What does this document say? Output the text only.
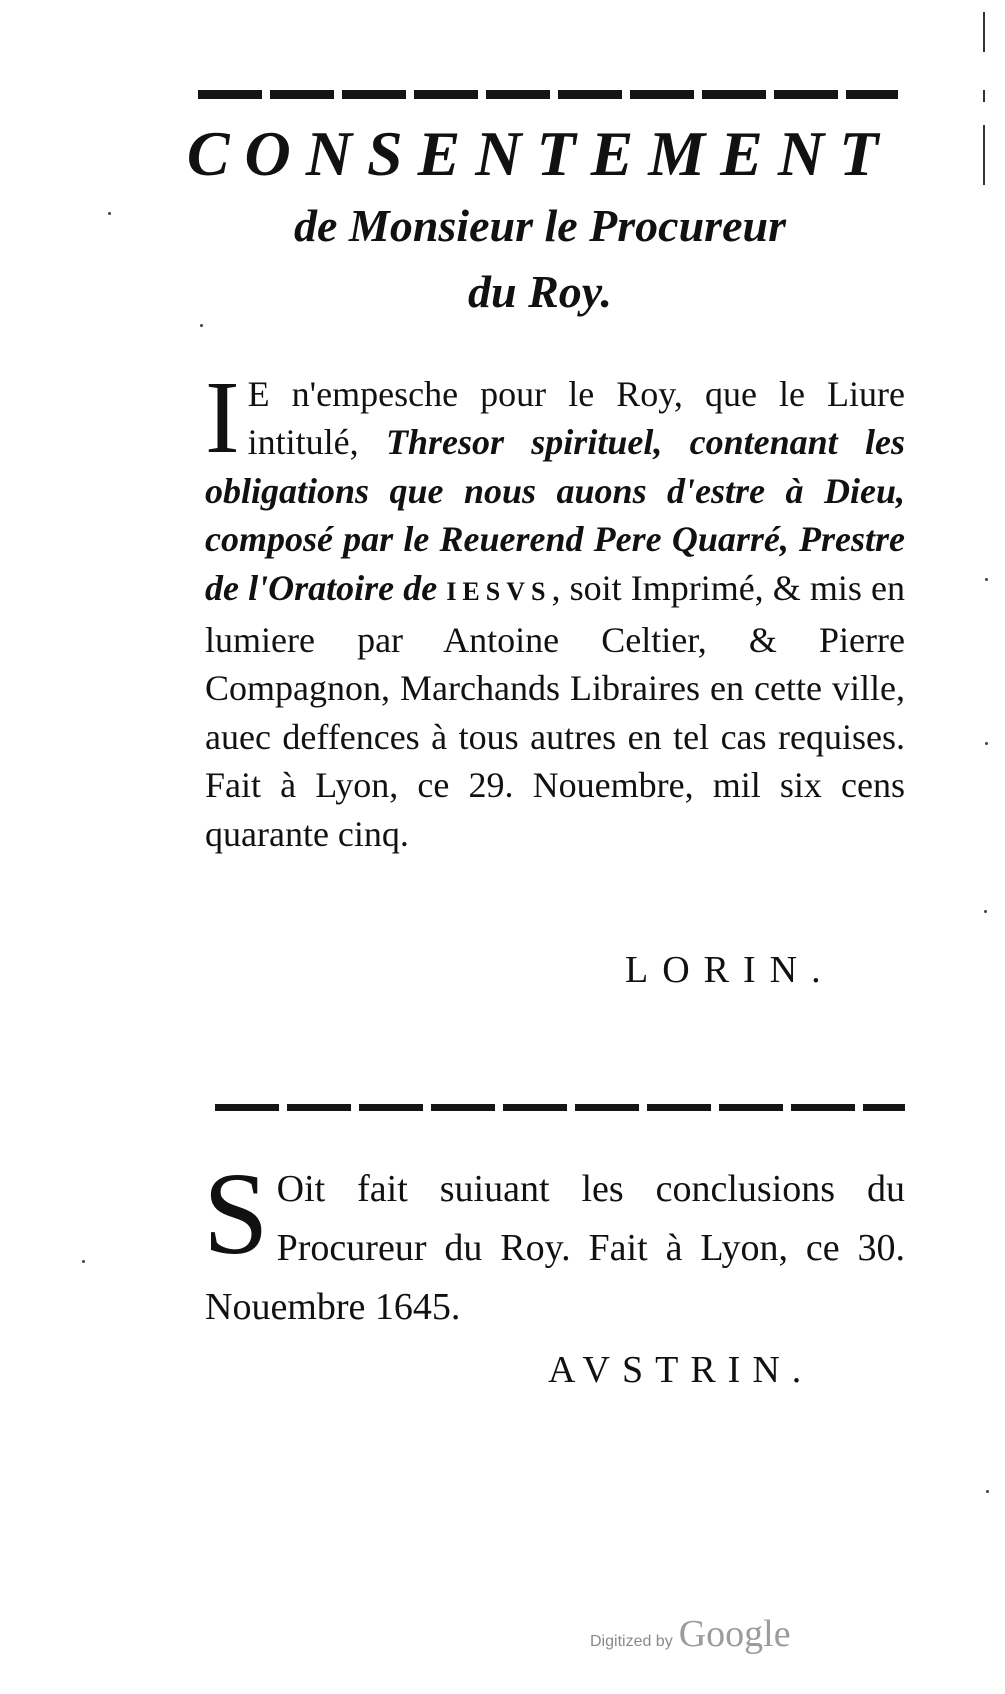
CONSENTEMENT
de Monsieur le Procureur
du Roy.
I E n'empesche pour le Roy, que le Liure intitulé, Thresor spirituel, contenant les obligations que nous auons d'estre à Dieu, composé par le Reuerend Pere Quarré, Prestre de l'Oratoire de IESVS, soit Imprimé, & mis en lumiere par Antoine Celtier, & Pierre Compagnon, Marchands Libraires en cette ville, auec deffences à tous autres en tel cas requises. Fait à Lyon, ce 29. Nouembre, mil six cens quarante cinq.
LORIN.
S Oit fait suiuant les conclusions du Procureur du Roy. Fait à Lyon, ce 30. Nouembre 1645.
AVSTRIN.
Digitized by Google
